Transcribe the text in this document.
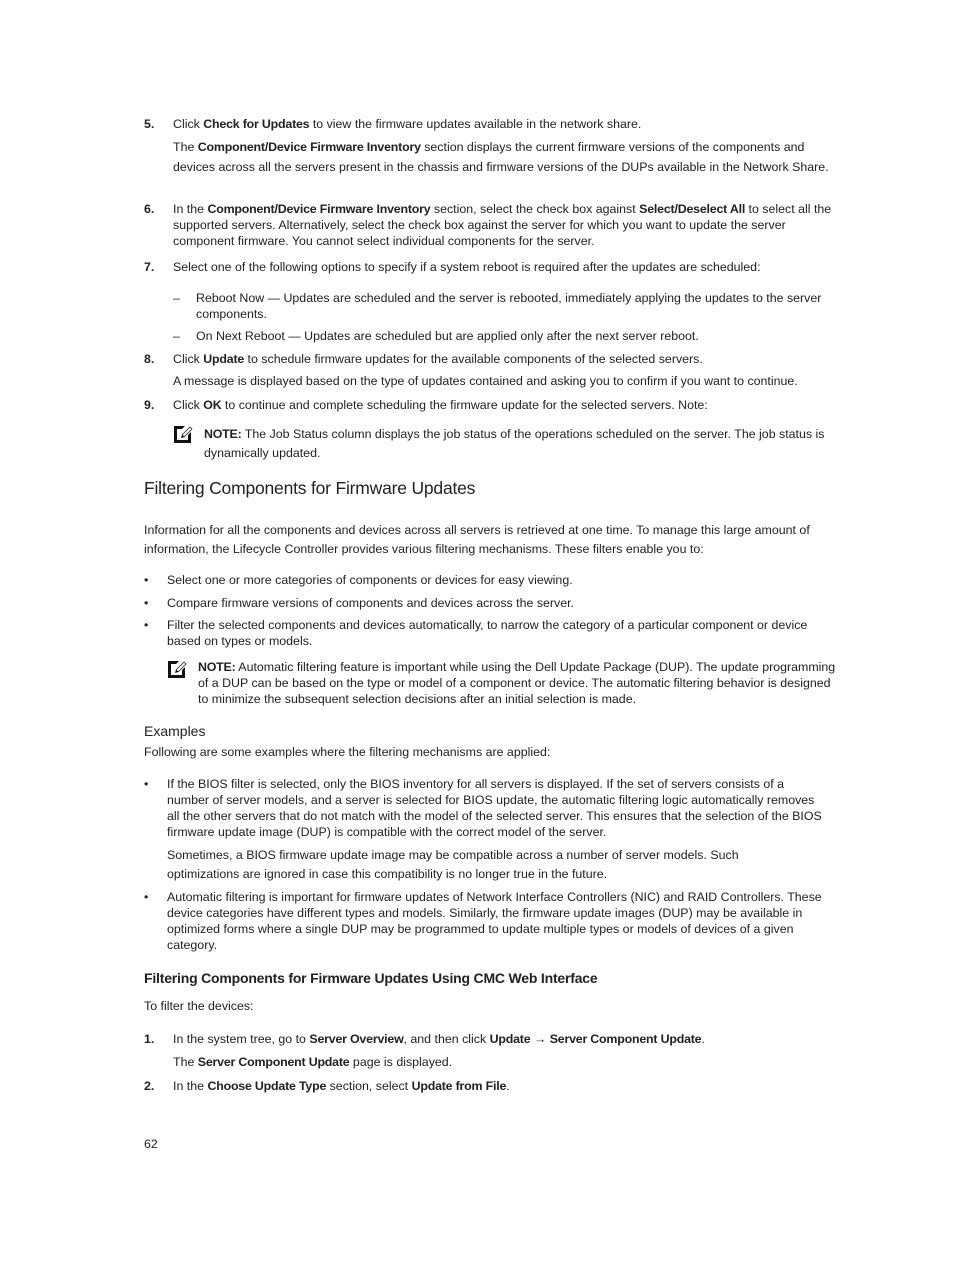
5. Click Check for Updates to view the firmware updates available in the network share.
The Component/Device Firmware Inventory section displays the current firmware versions of the components and devices across all the servers present in the chassis and firmware versions of the DUPs available in the Network Share.
6. In the Component/Device Firmware Inventory section, select the check box against Select/Deselect All to select all the supported servers. Alternatively, select the check box against the server for which you want to update the server component firmware. You cannot select individual components for the server.
7. Select one of the following options to specify if a system reboot is required after the updates are scheduled:
– Reboot Now — Updates are scheduled and the server is rebooted, immediately applying the updates to the server components.
– On Next Reboot — Updates are scheduled but are applied only after the next server reboot.
8. Click Update to schedule firmware updates for the available components of the selected servers.
A message is displayed based on the type of updates contained and asking you to confirm if you want to continue.
9. Click OK to continue and complete scheduling the firmware update for the selected servers. Note:
NOTE: The Job Status column displays the job status of the operations scheduled on the server. The job status is dynamically updated.
Filtering Components for Firmware Updates
Information for all the components and devices across all servers is retrieved at one time. To manage this large amount of information, the Lifecycle Controller provides various filtering mechanisms. These filters enable you to:
• Select one or more categories of components or devices for easy viewing.
• Compare firmware versions of components and devices across the server.
• Filter the selected components and devices automatically, to narrow the category of a particular component or device based on types or models.
NOTE: Automatic filtering feature is important while using the Dell Update Package (DUP). The update programming of a DUP can be based on the type or model of a component or device. The automatic filtering behavior is designed to minimize the subsequent selection decisions after an initial selection is made.
Examples
Following are some examples where the filtering mechanisms are applied:
• If the BIOS filter is selected, only the BIOS inventory for all servers is displayed. If the set of servers consists of a number of server models, and a server is selected for BIOS update, the automatic filtering logic automatically removes all the other servers that do not match with the model of the selected server. This ensures that the selection of the BIOS firmware update image (DUP) is compatible with the correct model of the server.
Sometimes, a BIOS firmware update image may be compatible across a number of server models. Such optimizations are ignored in case this compatibility is no longer true in the future.
• Automatic filtering is important for firmware updates of Network Interface Controllers (NIC) and RAID Controllers. These device categories have different types and models. Similarly, the firmware update images (DUP) may be available in optimized forms where a single DUP may be programmed to update multiple types or models of devices of a given category.
Filtering Components for Firmware Updates Using CMC Web Interface
To filter the devices:
1. In the system tree, go to Server Overview, and then click Update → Server Component Update.
The Server Component Update page is displayed.
2. In the Choose Update Type section, select Update from File.
62
